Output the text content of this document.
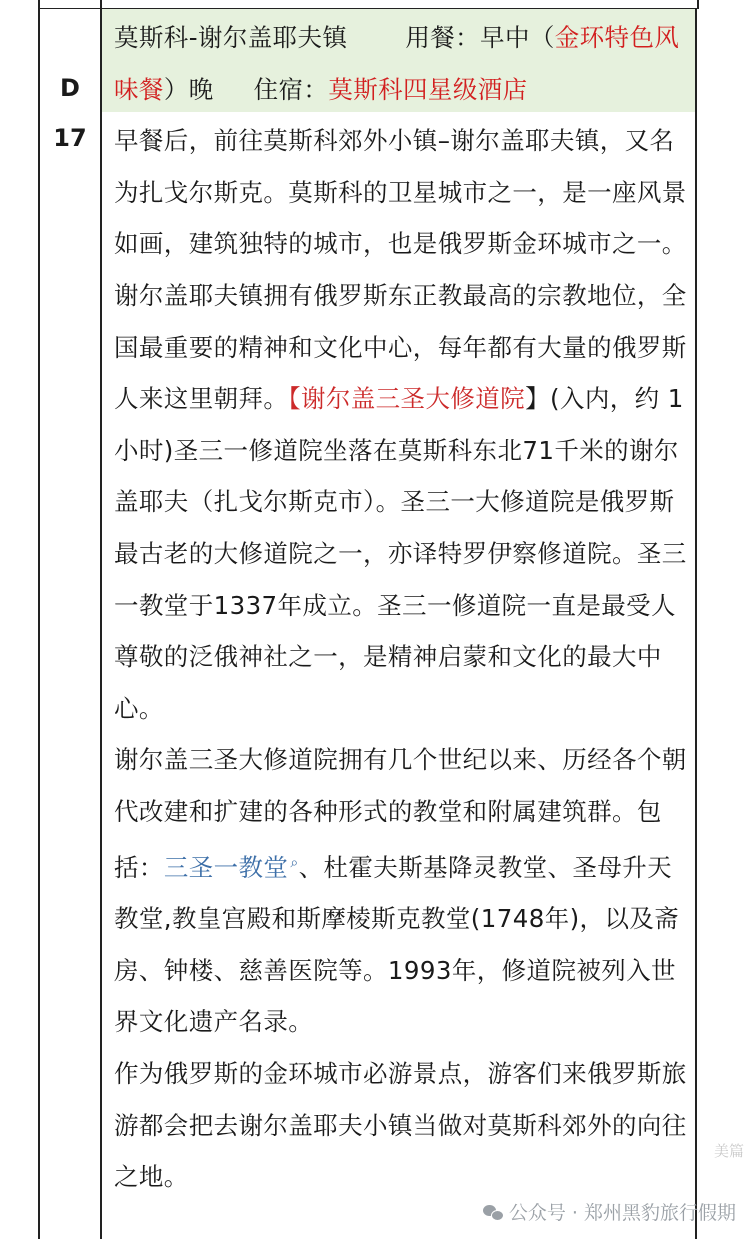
D
17

莫斯科-谢尔盖耶夫镇 用餐：早中（金环特色风味餐）晚 住宿：莫斯科四星级酒店

早餐后，前往莫斯科郊外小镇–谢尔盖耶夫镇，又名为扎戈尔斯克。莫斯科的卫星城市之一，是一座风景如画，建筑独特的城市，也是俄罗斯金环城市之一。谢尔盖耶夫镇拥有俄罗斯东正教最高的宗教地位，全国最重要的精神和文化中心，每年都有大量的俄罗斯人来这里朝拜。【谢尔盖三圣大修道院】(入内，约 1 小时)圣三一修道院坐落在莫斯科东北71千米的谢尔盖耶夫（扎戈尔斯克市）。圣三一大修道院是俄罗斯最古老的大修道院之一，亦译特罗伊察修道院。圣三一教堂于1337年成立。圣三一修道院一直是最受人尊敬的泛俄神社之一，是精神启蒙和文化的最大中心。

谢尔盖三圣大修道院拥有几个世纪以来、历经各个朝代改建和扩建的各种形式的教堂和附属建筑群。包括：三圣一教堂 ⌕、杜霍夫斯基降灵教堂、圣母升天教堂,教皇宫殿和斯摩棱斯克教堂(1748年)，以及斋房、钟楼、慈善医院等。1993年，修道院被列入世界文化遗产名录。

作为俄罗斯的金环城市必游景点，游客们来俄罗斯旅游都会把去谢尔盖耶夫小镇当做对莫斯科郊外的向往之地。

美篇
公众号 · 郑州黑豹旅行假期
